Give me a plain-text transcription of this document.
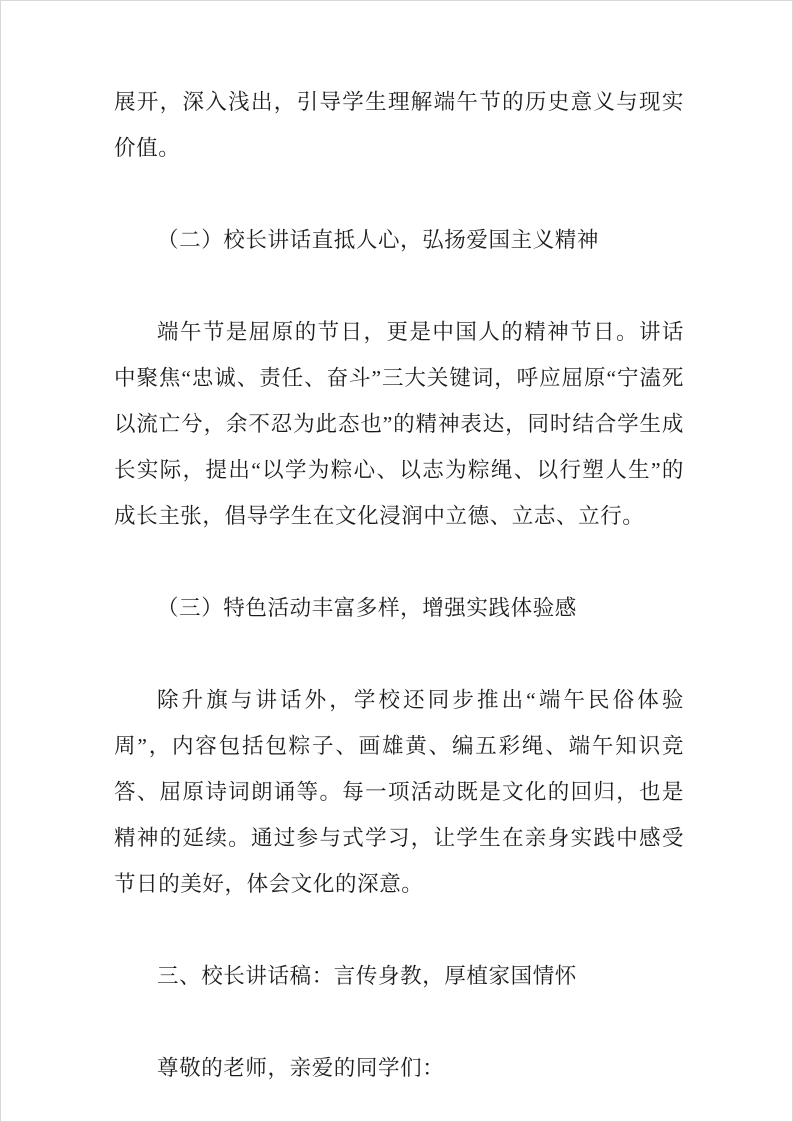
展开，深入浅出，引导学生理解端午节的历史意义与现实价值。

（二）校长讲话直抵人心，弘扬爱国主义精神

端午节是屈原的节日，更是中国人的精神节日。讲话中聚焦“忠诚、责任、奋斗”三大关键词，呼应屈原“宁溘死以流亡兮，余不忍为此态也”的精神表达，同时结合学生成长实际，提出“以学为粽心、以志为粽绳、以行塑人生”的成长主张，倡导学生在文化浸润中立德、立志、立行。

（三）特色活动丰富多样，增强实践体验感

除升旗与讲话外，学校还同步推出“端午民俗体验周”，内容包括包粽子、画雄黄、编五彩绳、端午知识竞答、屈原诗词朗诵等。每一项活动既是文化的回归，也是精神的延续。通过参与式学习，让学生在亲身实践中感受节日的美好，体会文化的深意。

三、校长讲话稿：言传身教，厚植家国情怀

尊敬的老师，亲爱的同学们：
